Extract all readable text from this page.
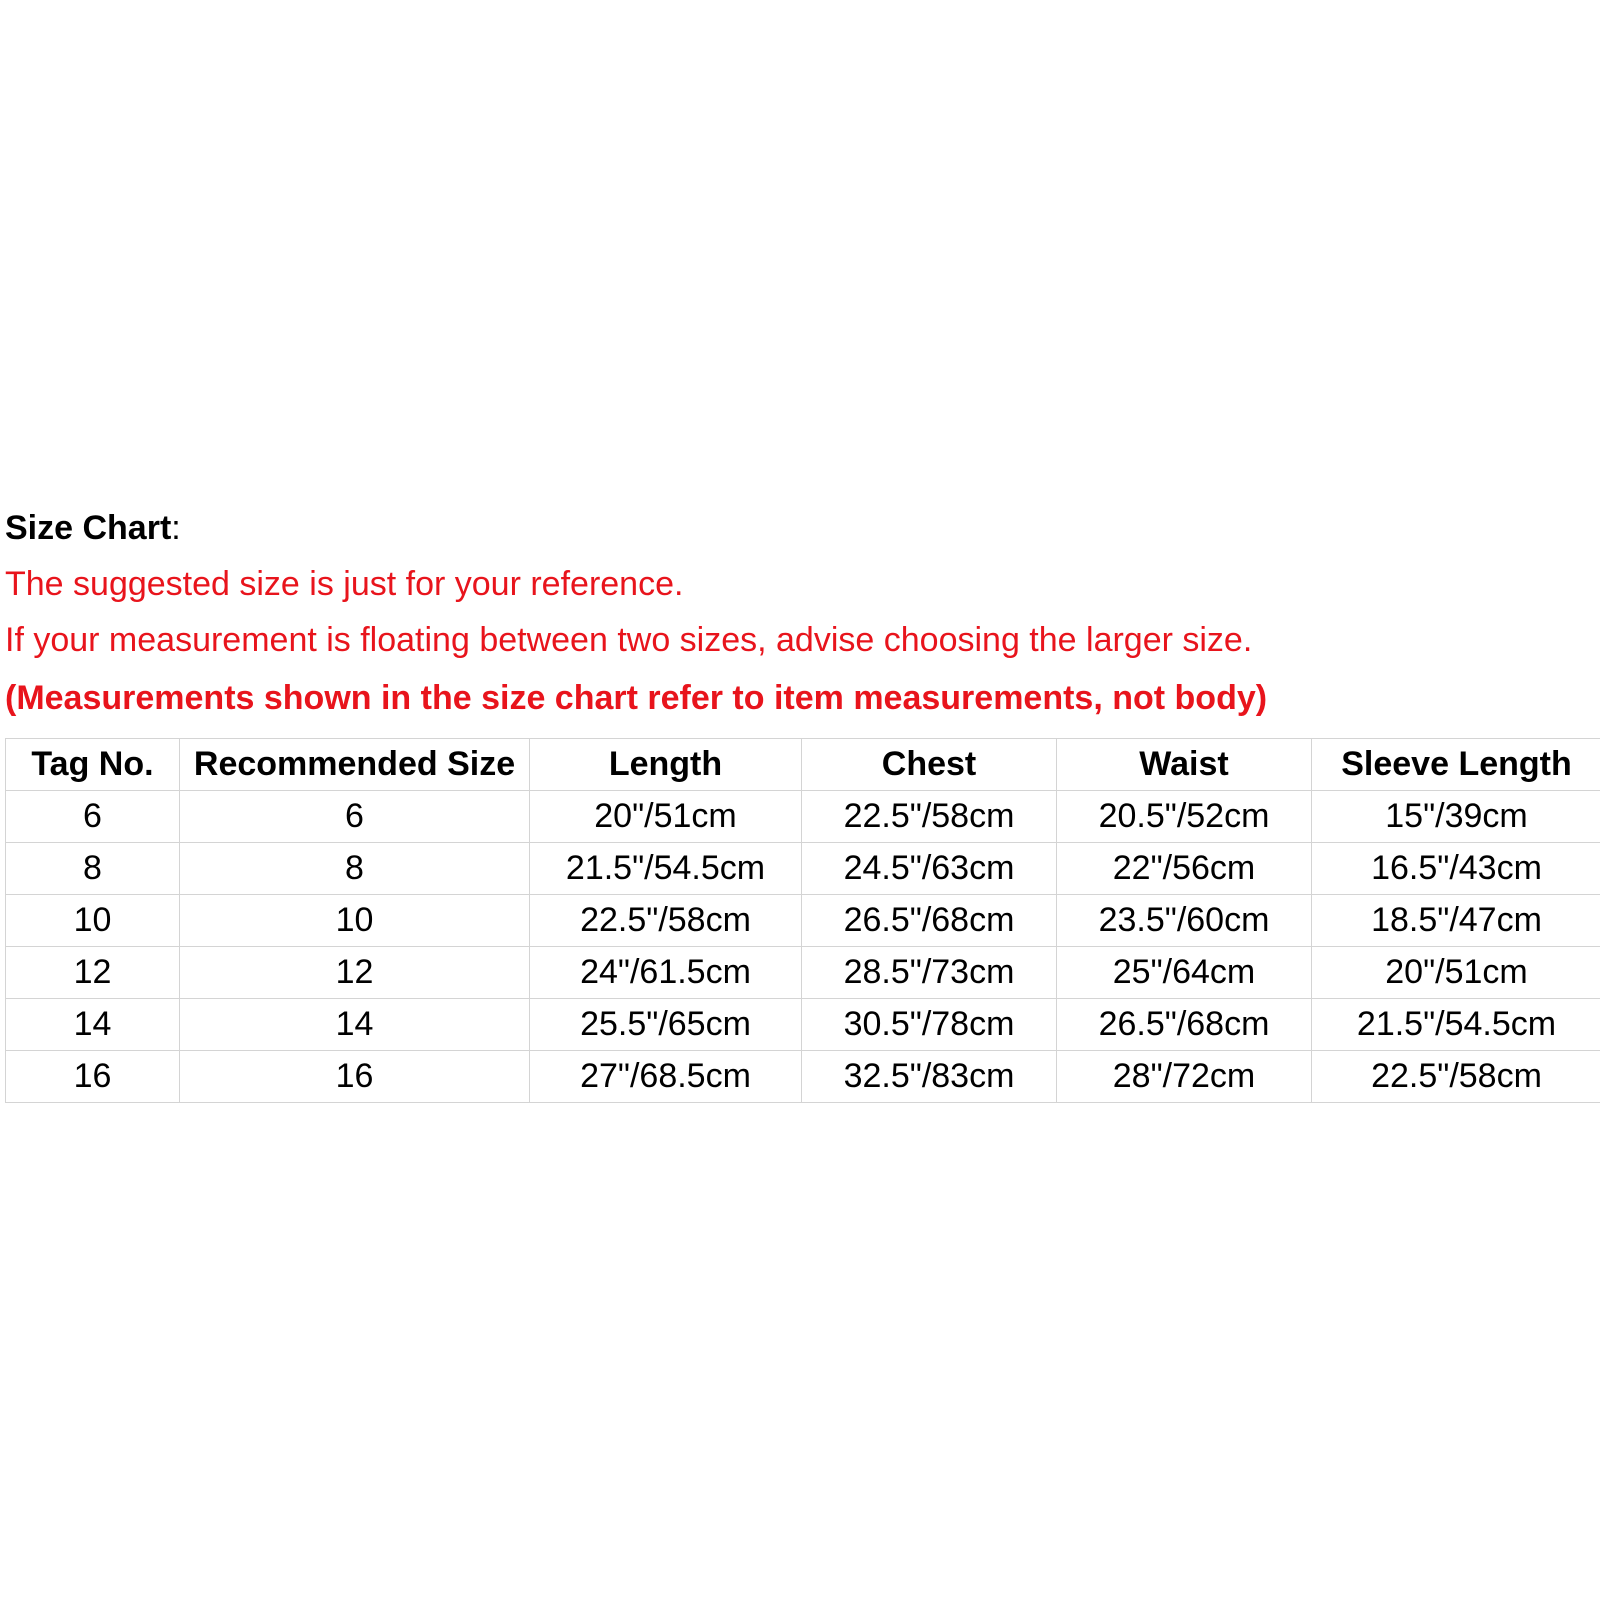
Size Chart:
The suggested size is just for your reference.
If your measurement is floating between two sizes, advise choosing the larger size.
(Measurements shown in the size chart refer to item measurements, not body)
Tag No.	Recommended Size	Length	Chest	Waist	Sleeve Length
6	6	20"/51cm	22.5"/58cm	20.5"/52cm	15"/39cm
8	8	21.5"/54.5cm	24.5"/63cm	22"/56cm	16.5"/43cm
10	10	22.5"/58cm	26.5"/68cm	23.5"/60cm	18.5"/47cm
12	12	24"/61.5cm	28.5"/73cm	25"/64cm	20"/51cm
14	14	25.5"/65cm	30.5"/78cm	26.5"/68cm	21.5"/54.5cm
16	16	27"/68.5cm	32.5"/83cm	28"/72cm	22.5"/58cm
